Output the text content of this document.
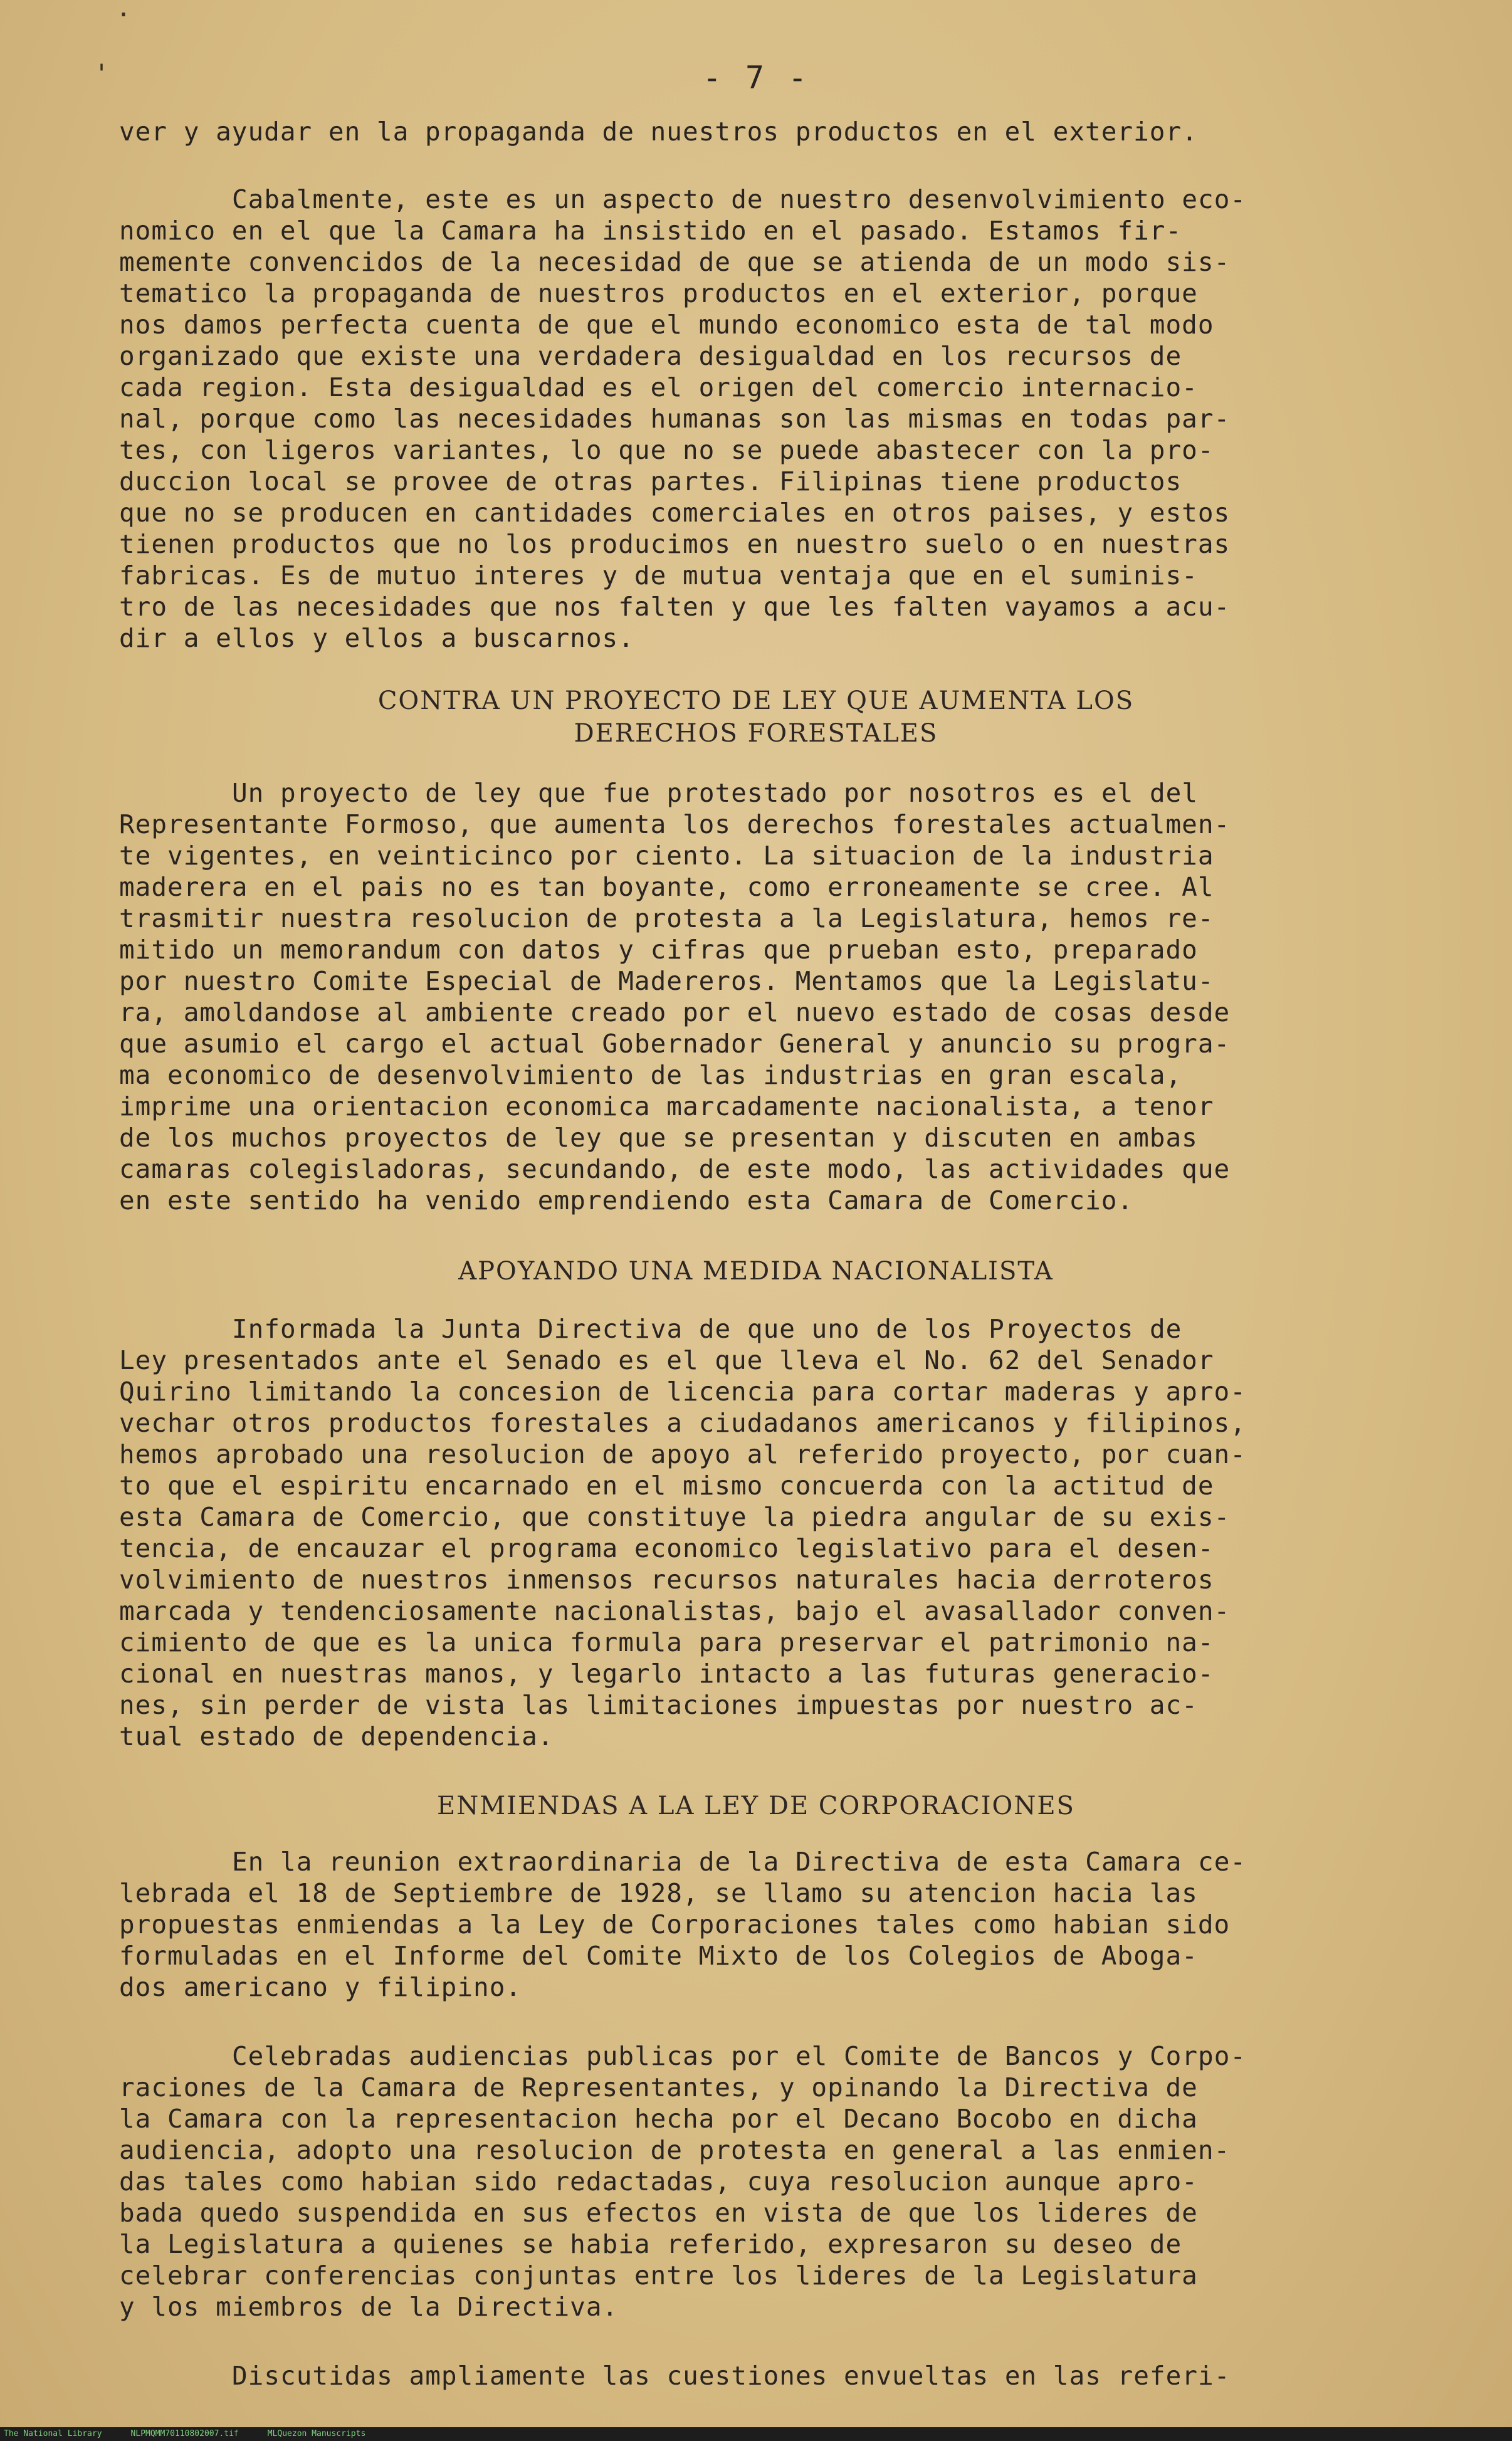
.
'	- 7 -

ver y ayudar en la propaganda de nuestros productos en el exterior.

Cabalmente, este es un aspecto de nuestro desenvolvimiento eco-

nomico en el que la Camara ha insistido en el pasado. Estamos fir-

memente convencidos de la necesidad de que se atienda de un modo sis-

tematico la propaganda de nuestros productos en el exterior, porque

nos damos perfecta cuenta de que el mundo economico esta de tal modo

organizado que existe una verdadera desigualdad en los recursos de

cada region. Esta desigualdad es el origen del comercio internacio-

nal, porque como las necesidades humanas son las mismas en todas par-

tes, con ligeros variantes, lo que no se puede abastecer con la pro-

duccion local se provee de otras partes. Filipinas tiene productos

que no se producen en cantidades comerciales en otros paises, y estos

tienen productos que no los producimos en nuestro suelo o en nuestras

fabricas. Es de mutuo interes y de mutua ventaja que en el suminis-

tro de las necesidades que nos falten y que les falten vayamos a acu-

dir a ellos y ellos a buscarnos.

CONTRA UN PROYECTO DE LEY QUE AUMENTA LOS
DERECHOS FORESTALES

Un proyecto de ley que fue protestado por nosotros es el del

Representante Formoso, que aumenta los derechos forestales actualmen-

te vigentes, en veinticinco por ciento. La situacion de la industria

maderera en el pais no es tan boyante, como erroneamente se cree. Al

trasmitir nuestra resolucion de protesta a la Legislatura, hemos re-

mitido un memorandum con datos y cifras que prueban esto, preparado

por nuestro Comite Especial de Madereros. Mentamos que la Legislatu-

ra, amoldandose al ambiente creado por el nuevo estado de cosas desde

que asumio el cargo el actual Gobernador General y anuncio su progra-

ma economico de desenvolvimiento de las industrias en gran escala,

imprime una orientacion economica marcadamente nacionalista, a tenor

de los muchos proyectos de ley que se presentan y discuten en ambas

camaras colegisladoras, secundando, de este modo, las actividades que

en este sentido ha venido emprendiendo esta Camara de Comercio.

APOYANDO UNA MEDIDA NACIONALISTA

Informada la Junta Directiva de que uno de los Proyectos de

Ley presentados ante el Senado es el que lleva el No. 62 del Senador

Quirino limitando la concesion de licencia para cortar maderas y apro-

vechar otros productos forestales a ciudadanos americanos y filipinos,

hemos aprobado una resolucion de apoyo al referido proyecto, por cuan-

to que el espiritu encarnado en el mismo concuerda con la actitud de

esta Camara de Comercio, que constituye la piedra angular de su exis-

tencia, de encauzar el programa economico legislativo para el desen-

volvimiento de nuestros inmensos recursos naturales hacia derroteros

marcada y tendenciosamente nacionalistas, bajo el avasallador conven-

cimiento de que es la unica formula para preservar el patrimonio na-

cional en nuestras manos, y legarlo intacto a las futuras generacio-

nes, sin perder de vista las limitaciones impuestas por nuestro ac-

tual estado de dependencia.

ENMIENDAS A LA LEY DE CORPORACIONES

En la reunion extraordinaria de la Directiva de esta Camara ce-

lebrada el 18 de Septiembre de 1928, se llamo su atencion hacia las

propuestas enmiendas a la Ley de Corporaciones tales como habian sido

formuladas en el Informe del Comite Mixto de los Colegios de Aboga-

dos americano y filipino.

Celebradas audiencias publicas por el Comite de Bancos y Corpo-

raciones de la Camara de Representantes, y opinando la Directiva de

la Camara con la representacion hecha por el Decano Bocobo en dicha

audiencia, adopto una resolucion de protesta en general a las enmien-

das tales como habian sido redactadas, cuya resolucion aunque apro-

bada quedo suspendida en sus efectos en vista de que los lideres de

la Legislatura a quienes se habia referido, expresaron su deseo de

celebrar conferencias conjuntas entre los lideres de la Legislatura

y los miembros de la Directiva.

Discutidas ampliamente las cuestiones envueltas en las referi-

The National Library	NLPMQMM70110802007.tif	MLQuezon Manuscripts
